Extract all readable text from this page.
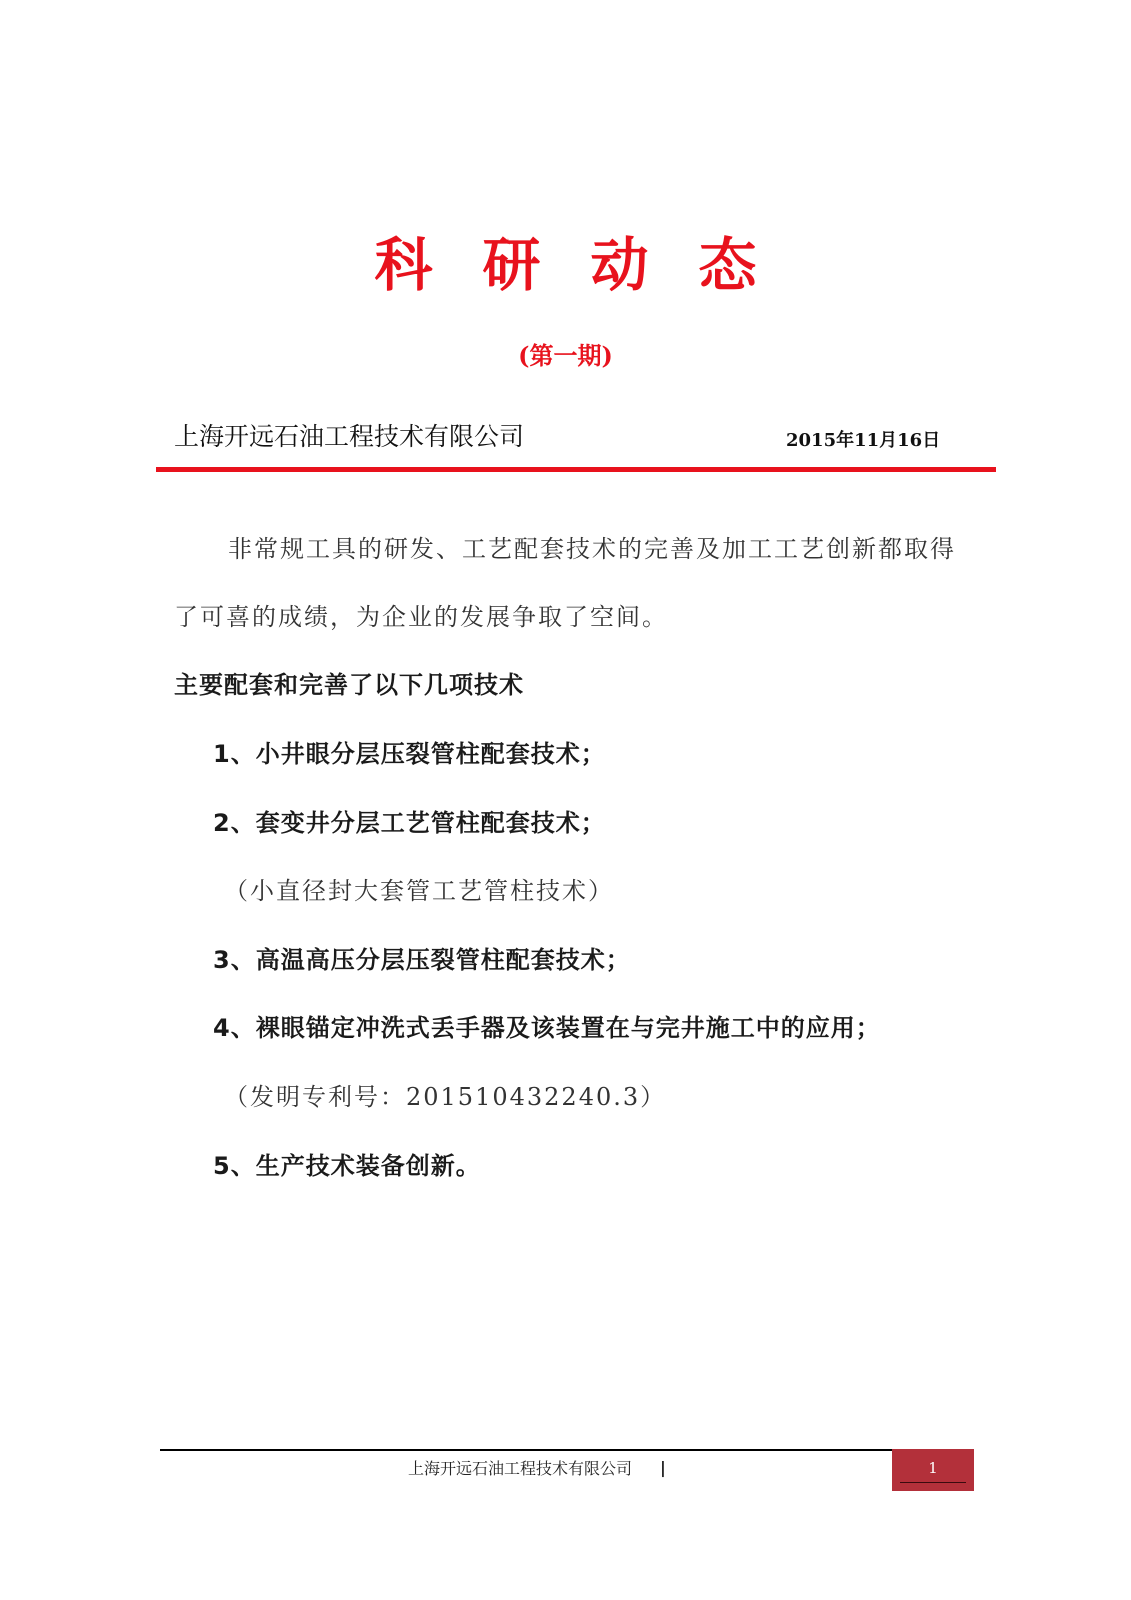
科研动态
(第一期)
上海开远石油工程技术有限公司	2015年11月16日
非常规工具的研发、工艺配套技术的完善及加工工艺创新都取得
了可喜的成绩，为企业的发展争取了空间。
主要配套和完善了以下几项技术
1、小井眼分层压裂管柱配套技术；
2、套变井分层工艺管柱配套技术；
（小直径封大套管工艺管柱技术）
3、高温高压分层压裂管柱配套技术；
4、裸眼锚定冲洗式丢手器及该装置在与完井施工中的应用；
（发明专利号：201510432240.3）
5、生产技术装备创新。
上海开远石油工程技术有限公司 |	1
